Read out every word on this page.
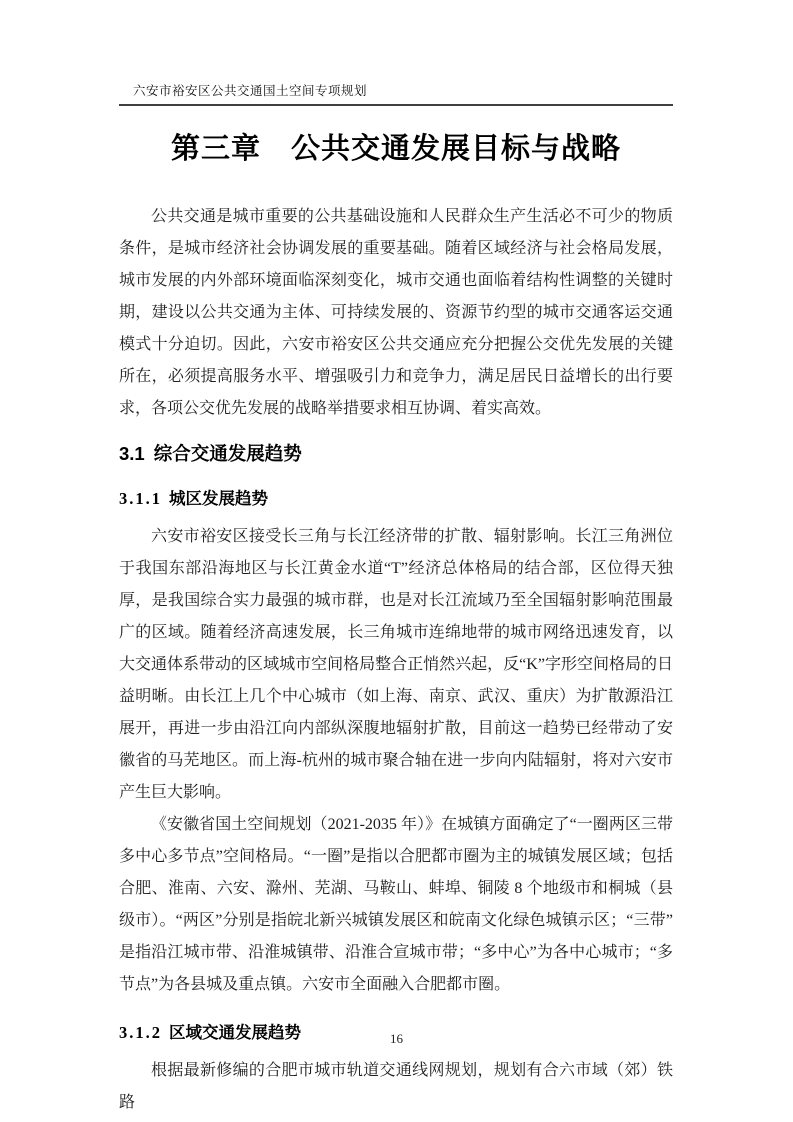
六安市裕安区公共交通国土空间专项规划
第三章　公共交通发展目标与战略

公共交通是城市重要的公共基础设施和人民群众生产生活必不可少的物质条件，是城市经济社会协调发展的重要基础。随着区域经济与社会格局发展，城市发展的内外部环境面临深刻变化，城市交通也面临着结构性调整的关键时期，建设以公共交通为主体、可持续发展的、资源节约型的城市交通客运交通模式十分迫切。因此，六安市裕安区公共交通应充分把握公交优先发展的关键所在，必须提高服务水平、增强吸引力和竞争力，满足居民日益增长的出行要求，各项公交优先发展的战略举措要求相互协调、着实高效。

3.1 综合交通发展趋势
3.1.1 城区发展趋势

六安市裕安区接受长三角与长江经济带的扩散、辐射影响。长江三角洲位于我国东部沿海地区与长江黄金水道“T”经济总体格局的结合部，区位得天独厚，是我国综合实力最强的城市群，也是对长江流域乃至全国辐射影响范围最广的区域。随着经济高速发展，长三角城市连绵地带的城市网络迅速发育，以大交通体系带动的区域城市空间格局整合正悄然兴起，反“K”字形空间格局的日益明晰。由长江上几个中心城市（如上海、南京、武汉、重庆）为扩散源沿江展开，再进一步由沿江向内部纵深腹地辐射扩散，目前这一趋势已经带动了安徽省的马芜地区。而上海-杭州的城市聚合轴在进一步向内陆辐射，将对六安市产生巨大影响。

《安徽省国土空间规划（2021-2035 年）》在城镇方面确定了“一圈两区三带多中心多节点”空间格局。“一圈”是指以合肥都市圈为主的城镇发展区域；包括合肥、淮南、六安、滁州、芜湖、马鞍山、蚌埠、铜陵 8 个地级市和桐城（县级市）。“两区”分别是指皖北新兴城镇发展区和皖南文化绿色城镇示区；“三带”是指沿江城市带、沿淮城镇带、沿淮合宣城市带；“多中心”为各中心城市；“多节点”为各县城及重点镇。六安市全面融入合肥都市圈。

3.1.2 区域交通发展趋势

根据最新修编的合肥市城市轨道交通线网规划，规划有合六市域（郊）铁路

16
